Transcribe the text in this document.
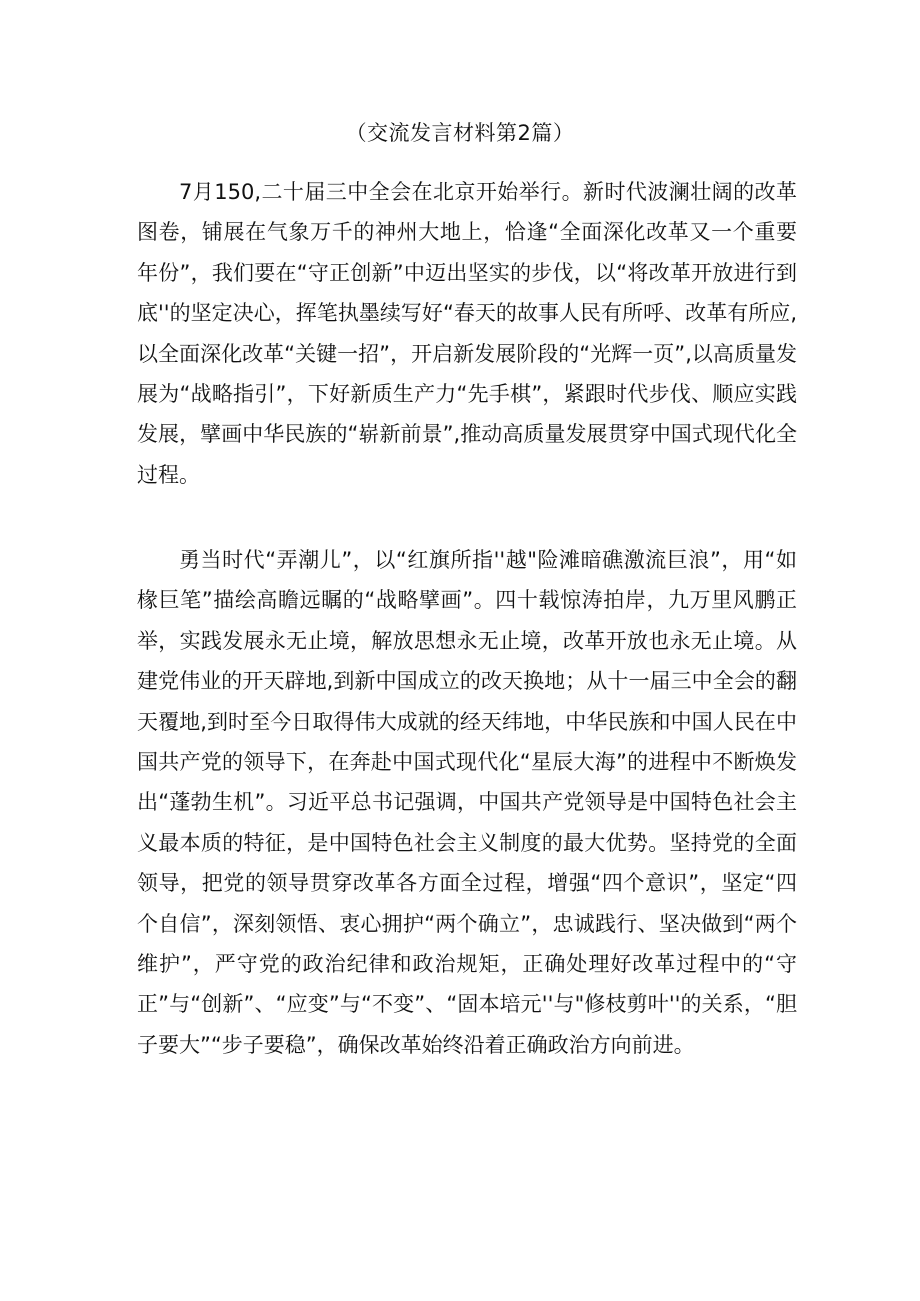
（交流发言材料第2篇）

7月150,二十届三中全会在北京开始举行。新时代波澜壮阔的改革图卷，铺展在气象万千的神州大地上，恰逢“全面深化改革又一个重要年份”，我们要在“守正创新”中迈出坚实的步伐，以“将改革开放进行到底''的坚定决心，挥笔执墨续写好“春天的故事人民有所呼、改革有所应,以全面深化改革“关键一招”，开启新发展阶段的“光辉一页”,以高质量发展为“战略指引”，下好新质生产力“先手棋”，紧跟时代步伐、顺应实践发展，擘画中华民族的“崭新前景”,推动高质量发展贯穿中国式现代化全过程。

勇当时代“弄潮儿”，以“红旗所指''越"险滩暗礁激流巨浪”，用“如椽巨笔”描绘高瞻远瞩的“战略擘画”。四十载惊涛拍岸，九万里风鹏正举，实践发展永无止境，解放思想永无止境，改革开放也永无止境。从建党伟业的开天辟地,到新中国成立的改天换地；从十一届三中全会的翻天覆地,到时至今日取得伟大成就的经天纬地，中华民族和中国人民在中国共产党的领导下，在奔赴中国式现代化“星辰大海”的进程中不断焕发出“蓬勃生机”。习近平总书记强调，中国共产党领导是中国特色社会主义最本质的特征，是中国特色社会主义制度的最大优势。坚持党的全面领导，把党的领导贯穿改革各方面全过程，增强“四个意识”，坚定“四个自信”，深刻领悟、衷心拥护“两个确立”，忠诚践行、坚决做到“两个维护”，严守党的政治纪律和政治规矩，正确处理好改革过程中的“守正”与“创新”、“应变”与“不变”、“固本培元''与"修枝剪叶''的关系，“胆子要大”“步子要稳”，确保改革始终沿着正确政治方向前进。
